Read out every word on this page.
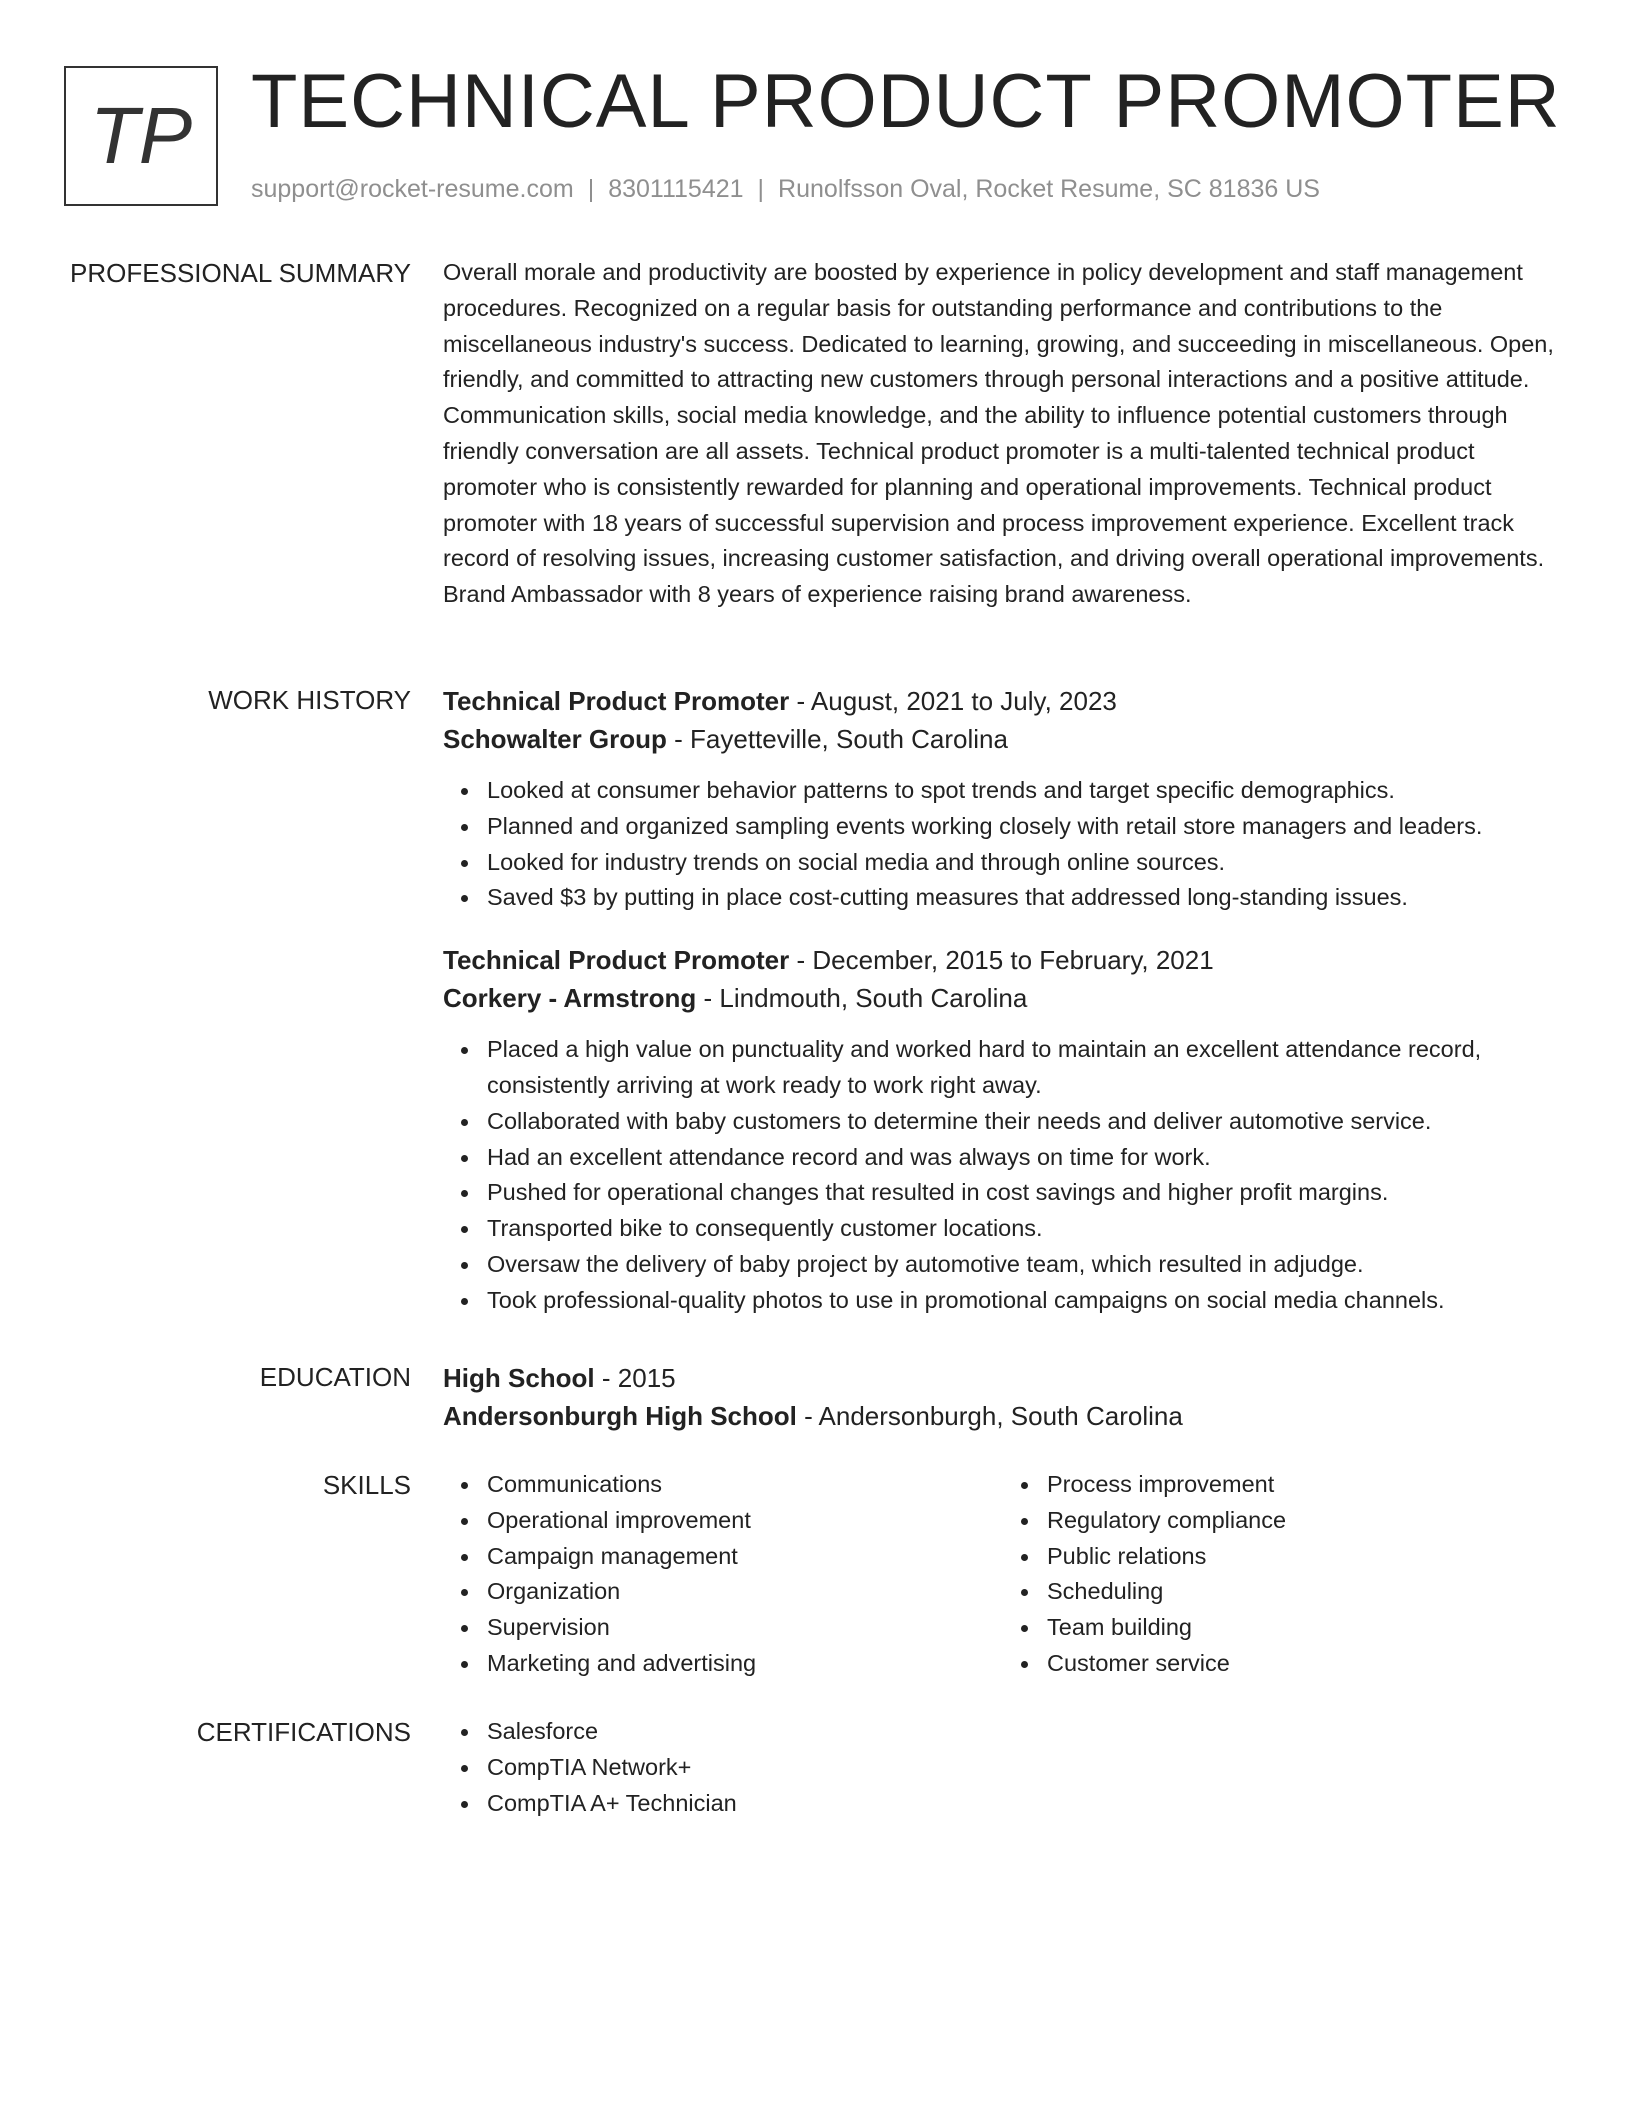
TP TECHNICAL PRODUCT PROMOTER
support@rocket-resume.com | 8301115421 | Runolfsson Oval, Rocket Resume, SC 81836 US
PROFESSIONAL SUMMARY Overall morale and productivity are boosted by experience in policy development and staff management procedures. Recognized on a regular basis for outstanding performance and contributions to the miscellaneous industry's success. Dedicated to learning, growing, and succeeding in miscellaneous. Open, friendly, and committed to attracting new customers through personal interactions and a positive attitude. Communication skills, social media knowledge, and the ability to influence potential customers through friendly conversation are all assets. Technical product promoter is a multi-talented technical product promoter who is consistently rewarded for planning and operational improvements. Technical product promoter with 18 years of successful supervision and process improvement experience. Excellent track record of resolving issues, increasing customer satisfaction, and driving overall operational improvements. Brand Ambassador with 8 years of experience raising brand awareness.

WORK HISTORY Technical Product Promoter - August, 2021 to July, 2023

Schowalter Group - Fayetteville, South Carolina

Looked at consumer behavior patterns to spot trends and target specific demographics.
Planned and organized sampling events working closely with retail store managers and leaders.
Looked for industry trends on social media and through online sources.
Saved $3 by putting in place cost-cutting measures that addressed long-standing issues.

Technical Product Promoter - December, 2015 to February, 2021

Corkery - Armstrong - Lindmouth, South Carolina

Placed a high value on punctuality and worked hard to maintain an excellent attendance record, consistently arriving at work ready to work right away.
Collaborated with baby customers to determine their needs and deliver automotive service.
Had an excellent attendance record and was always on time for work.
Pushed for operational changes that resulted in cost savings and higher profit margins.
Transported bike to consequently customer locations.
Oversaw the delivery of baby project by automotive team, which resulted in adjudge.
Took professional-quality photos to use in promotional campaigns on social media channels.
EDUCATION High School - 2015

Andersonburgh High School - Andersonburgh, South Carolina

SKILLS	Communications
Operational improvement
Campaign management
Organization
Supervision
Marketing and advertising
Process improvement
Regulatory compliance
Public relations
Scheduling
Team building
Customer service
CERTIFICATIONS	Salesforce
CompTIA Network+
CompTIA A+ Technician
